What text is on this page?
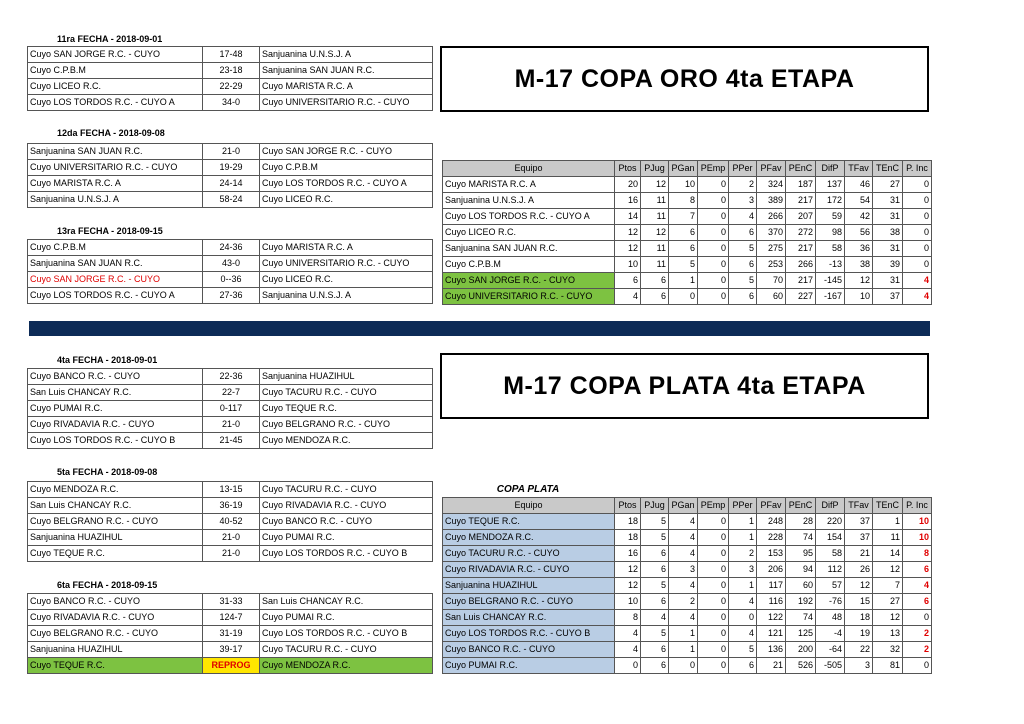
11ra FECHA - 2018-09-01
Cuyo SAN JORGE R.C. - CUYO	17-48	Sanjuanina U.N.S.J. A
Cuyo C.P.B.M	23-18	Sanjuanina SAN JUAN R.C.
Cuyo LICEO R.C.	22-29	Cuyo MARISTA R.C. A
Cuyo LOS TORDOS R.C. - CUYO A	34-0	Cuyo UNIVERSITARIO R.C. - CUYO
M-17 COPA ORO 4ta ETAPA
12da FECHA - 2018-09-08
Sanjuanina SAN JUAN R.C.	21-0	Cuyo SAN JORGE R.C. - CUYO
Cuyo UNIVERSITARIO R.C. - CUYO	19-29	Cuyo C.P.B.M
Cuyo MARISTA R.C. A	24-14	Cuyo LOS TORDOS R.C. - CUYO A
Sanjuanina U.N.S.J. A	58-24	Cuyo LICEO R.C.
13ra FECHA - 2018-09-15
Cuyo C.P.B.M	24-36	Cuyo MARISTA R.C. A
Sanjuanina SAN JUAN R.C.	43-0	Cuyo UNIVERSITARIO R.C. - CUYO
Cuyo SAN JORGE R.C. - CUYO	0--36	Cuyo LICEO R.C.
Cuyo LOS TORDOS R.C. - CUYO A	27-36	Sanjuanina U.N.S.J. A
Equipo	Ptos	PJug	PGan	PEmp	PPer	PFav	PEnC	DifP	TFav	TEnC	P. Inc
Cuyo MARISTA R.C. A	20	12	10	0	2	324	187	137	46	27	0
Sanjuanina U.N.S.J. A	16	11	8	0	3	389	217	172	54	31	0
Cuyo LOS TORDOS R.C. - CUYO A	14	11	7	0	4	266	207	59	42	31	0
Cuyo LICEO R.C.	12	12	6	0	6	370	272	98	56	38	0
Sanjuanina SAN JUAN R.C.	12	11	6	0	5	275	217	58	36	31	0
Cuyo C.P.B.M	10	11	5	0	6	253	266	-13	38	39	0
Cuyo SAN JORGE R.C. - CUYO	6	6	1	0	5	70	217	-145	12	31	4
Cuyo UNIVERSITARIO R.C. - CUYO	4	6	0	0	6	60	227	-167	10	37	4
4ta FECHA - 2018-09-01
Cuyo BANCO R.C. - CUYO	22-36	Sanjuanina HUAZIHUL
San Luis CHANCAY R.C.	22-7	Cuyo TACURU R.C. - CUYO
Cuyo PUMAI R.C.	0-117	Cuyo TEQUE R.C.
Cuyo RIVADAVIA R.C. - CUYO	21-0	Cuyo BELGRANO R.C. - CUYO
Cuyo LOS TORDOS R.C. - CUYO B	21-45	Cuyo MENDOZA R.C.
M-17 COPA PLATA 4ta ETAPA
5ta FECHA - 2018-09-08
Cuyo MENDOZA R.C.	13-15	Cuyo TACURU R.C. - CUYO
San Luis CHANCAY R.C.	36-19	Cuyo RIVADAVIA R.C. - CUYO
Cuyo BELGRANO R.C. - CUYO	40-52	Cuyo BANCO R.C. - CUYO
Sanjuanina HUAZIHUL	21-0	Cuyo PUMAI R.C.
Cuyo TEQUE R.C.	21-0	Cuyo LOS TORDOS R.C. - CUYO B
6ta FECHA - 2018-09-15
Cuyo BANCO R.C. - CUYO	31-33	San Luis CHANCAY R.C.
Cuyo RIVADAVIA R.C. - CUYO	124-7	Cuyo PUMAI R.C.
Cuyo BELGRANO R.C. - CUYO	31-19	Cuyo LOS TORDOS R.C. - CUYO B
Sanjuanina HUAZIHUL	39-17	Cuyo TACURU R.C. - CUYO
Cuyo TEQUE R.C.	REPROG	Cuyo MENDOZA R.C.
COPA PLATA
Equipo	Ptos	PJug	PGan	PEmp	PPer	PFav	PEnC	DifP	TFav	TEnC	P. Inc
Cuyo TEQUE R.C.	18	5	4	0	1	248	28	220	37	1	10
Cuyo MENDOZA R.C.	18	5	4	0	1	228	74	154	37	11	10
Cuyo TACURU R.C. - CUYO	16	6	4	0	2	153	95	58	21	14	8
Cuyo RIVADAVIA R.C. - CUYO	12	6	3	0	3	206	94	112	26	12	6
Sanjuanina HUAZIHUL	12	5	4	0	1	117	60	57	12	7	4
Cuyo BELGRANO R.C. - CUYO	10	6	2	0	4	116	192	-76	15	27	6
San Luis CHANCAY R.C.	8	4	4	0	0	122	74	48	18	12	0
Cuyo LOS TORDOS R.C. - CUYO B	4	5	1	0	4	121	125	-4	19	13	2
Cuyo BANCO R.C. - CUYO	4	6	1	0	5	136	200	-64	22	32	2
Cuyo PUMAI R.C.	0	6	0	0	6	21	526	-505	3	81	0
